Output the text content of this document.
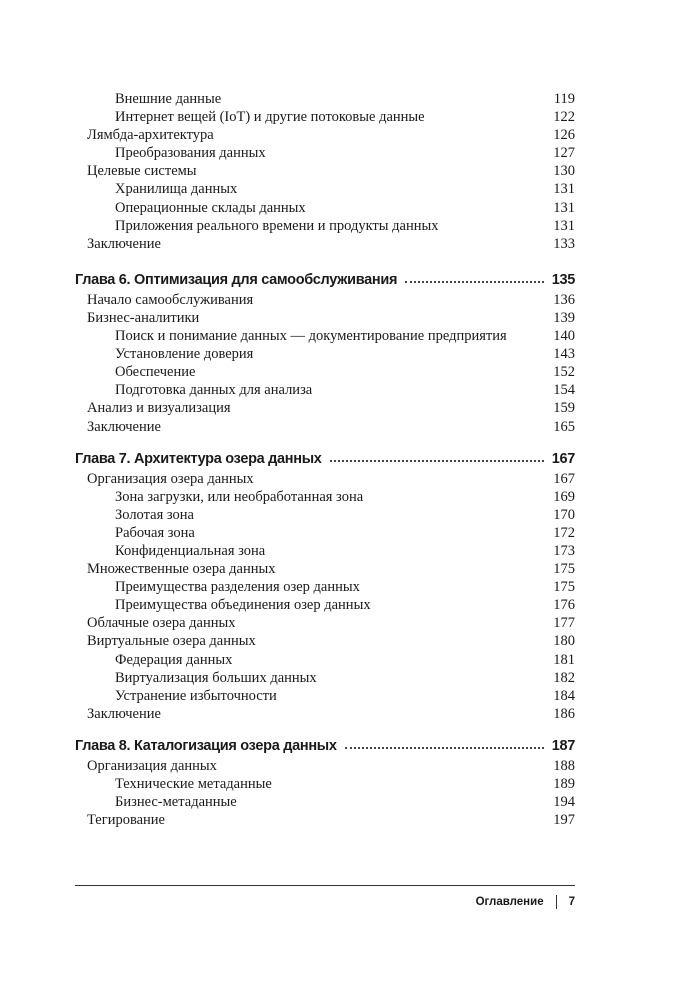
Внешние данные	119
Интернет вещей (IoT) и другие потоковые данные	122
Лямбда-архитектура	126
Преобразования данных	127
Целевые системы	130
Хранилища данных	131
Операционные склады данных	131
Приложения реального времени и продукты данных	131
Заключение	133
Глава 6. Оптимизация для самообслуживания	135
Начало самообслуживания	136
Бизнес-аналитики	139
Поиск и понимание данных — документирование предприятия	140
Установление доверия	143
Обеспечение	152
Подготовка данных для анализа	154
Анализ и визуализация	159
Заключение	165
Глава 7. Архитектура озера данных	167
Организация озера данных	167
Зона загрузки, или необработанная зона	169
Золотая зона	170
Рабочая зона	172
Конфиденциальная зона	173
Множественные озера данных	175
Преимущества разделения озер данных	175
Преимущества объединения озер данных	176
Облачные озера данных	177
Виртуальные озера данных	180
Федерация данных	181
Виртуализация больших данных	182
Устранение избыточности	184
Заключение	186
Глава 8. Каталогизация озера данных	187
Организация данных	188
Технические метаданные	189
Бизнес-метаданные	194
Тегирование	197
Оглавление 7
